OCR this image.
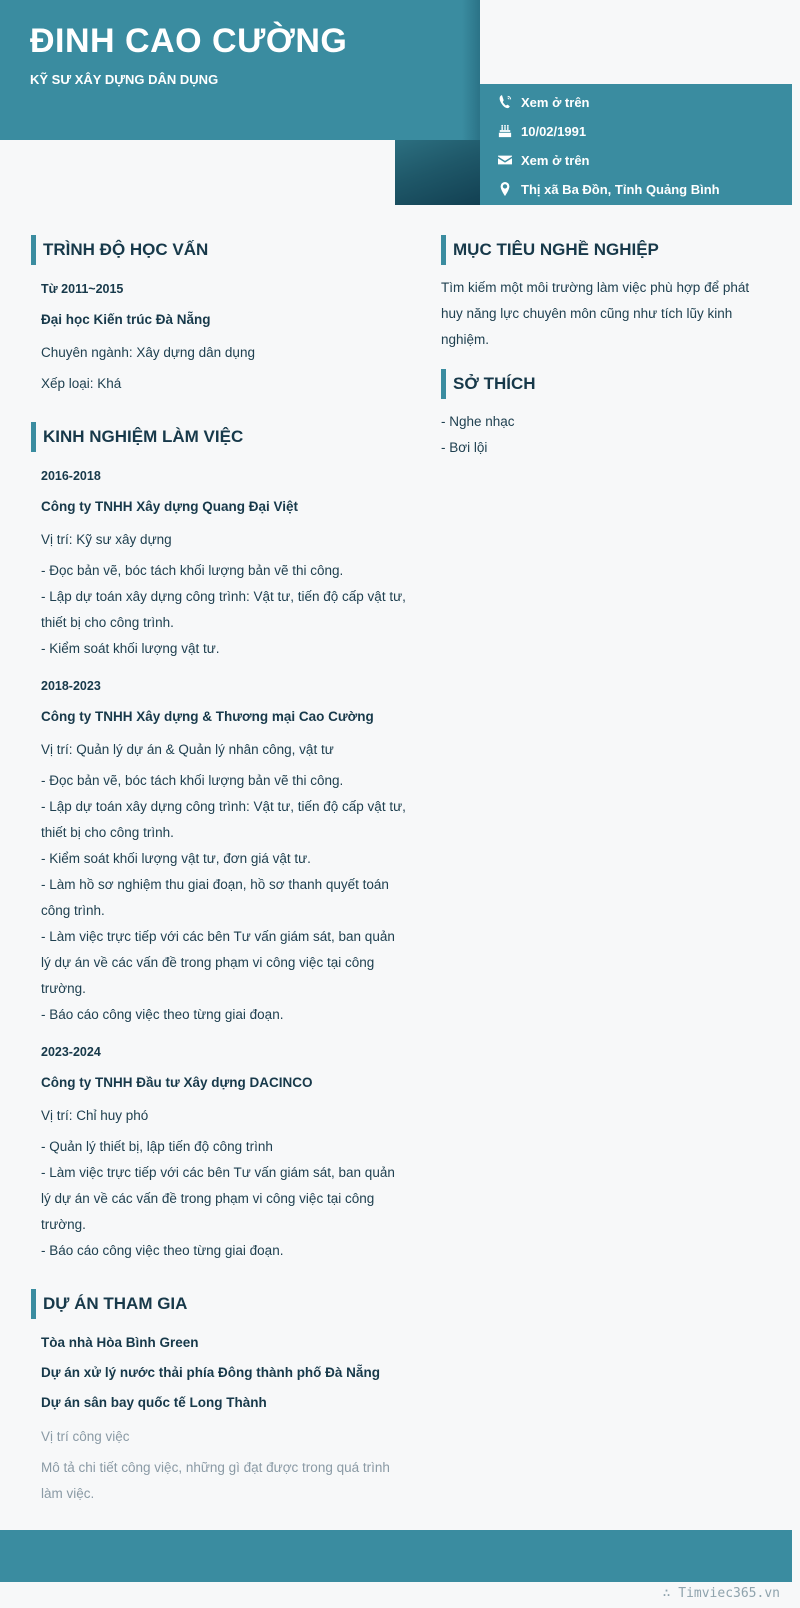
ĐINH CAO CƯỜNG
KỸ SƯ XÂY DỰNG DÂN DỤNG
Xem ở trên
10/02/1991
Xem ở trên
Thị xã Ba Đồn, Tỉnh Quảng Bình
TRÌNH ĐỘ HỌC VẤN
Từ 2011~2015
Đại học Kiến trúc Đà Nẵng
Chuyên ngành: Xây dựng dân dụng
Xếp loại: Khá
KINH NGHIỆM LÀM VIỆC
2016-2018
Công ty TNHH Xây dựng Quang Đại Việt
Vị trí: Kỹ sư xây dựng
- Đọc bản vẽ, bóc tách khối lượng bản vẽ thi công.
- Lập dự toán xây dựng công trình: Vật tư, tiến độ cấp vật tư,
thiết bị cho công trình.
- Kiểm soát khối lượng vật tư.
2018-2023
Công ty TNHH Xây dựng & Thương mại Cao Cường
Vị trí: Quản lý dự án & Quản lý nhân công, vật tư
- Đọc bản vẽ, bóc tách khối lượng bản vẽ thi công.
- Lập dự toán xây dựng công trình: Vật tư, tiến độ cấp vật tư,
thiết bị cho công trình.
- Kiểm soát khối lượng vật tư, đơn giá vật tư.
- Làm hồ sơ nghiệm thu giai đoạn, hồ sơ thanh quyết toán
công trình.
- Làm việc trực tiếp với các bên Tư vấn giám sát, ban quản
lý dự án về các vấn đề trong phạm vi công việc tại công
trường.
- Báo cáo công việc theo từng giai đoạn.
2023-2024
Công ty TNHH Đầu tư Xây dựng DACINCO
Vị trí: Chỉ huy phó
- Quản lý thiết bị, lập tiến độ công trình
- Làm việc trực tiếp với các bên Tư vấn giám sát, ban quản
lý dự án về các vấn đề trong phạm vi công việc tại công
trường.
- Báo cáo công việc theo từng giai đoạn.
DỰ ÁN THAM GIA
Tòa nhà Hòa Bình Green
Dự án xử lý nước thải phía Đông thành phố Đà Nẵng
Dự án sân bay quốc tế Long Thành
Vị trí công việc
Mô tả chi tiết công việc, những gì đạt được trong quá trình
làm việc.
MỤC TIÊU NGHỀ NGHIỆP
Tìm kiếm một môi trường làm việc phù hợp để phát
huy năng lực chuyên môn cũng như tích lũy kinh
nghiệm.
SỞ THÍCH
- Nghe nhạc
- Bơi lội
∴ Timviec365.vn
